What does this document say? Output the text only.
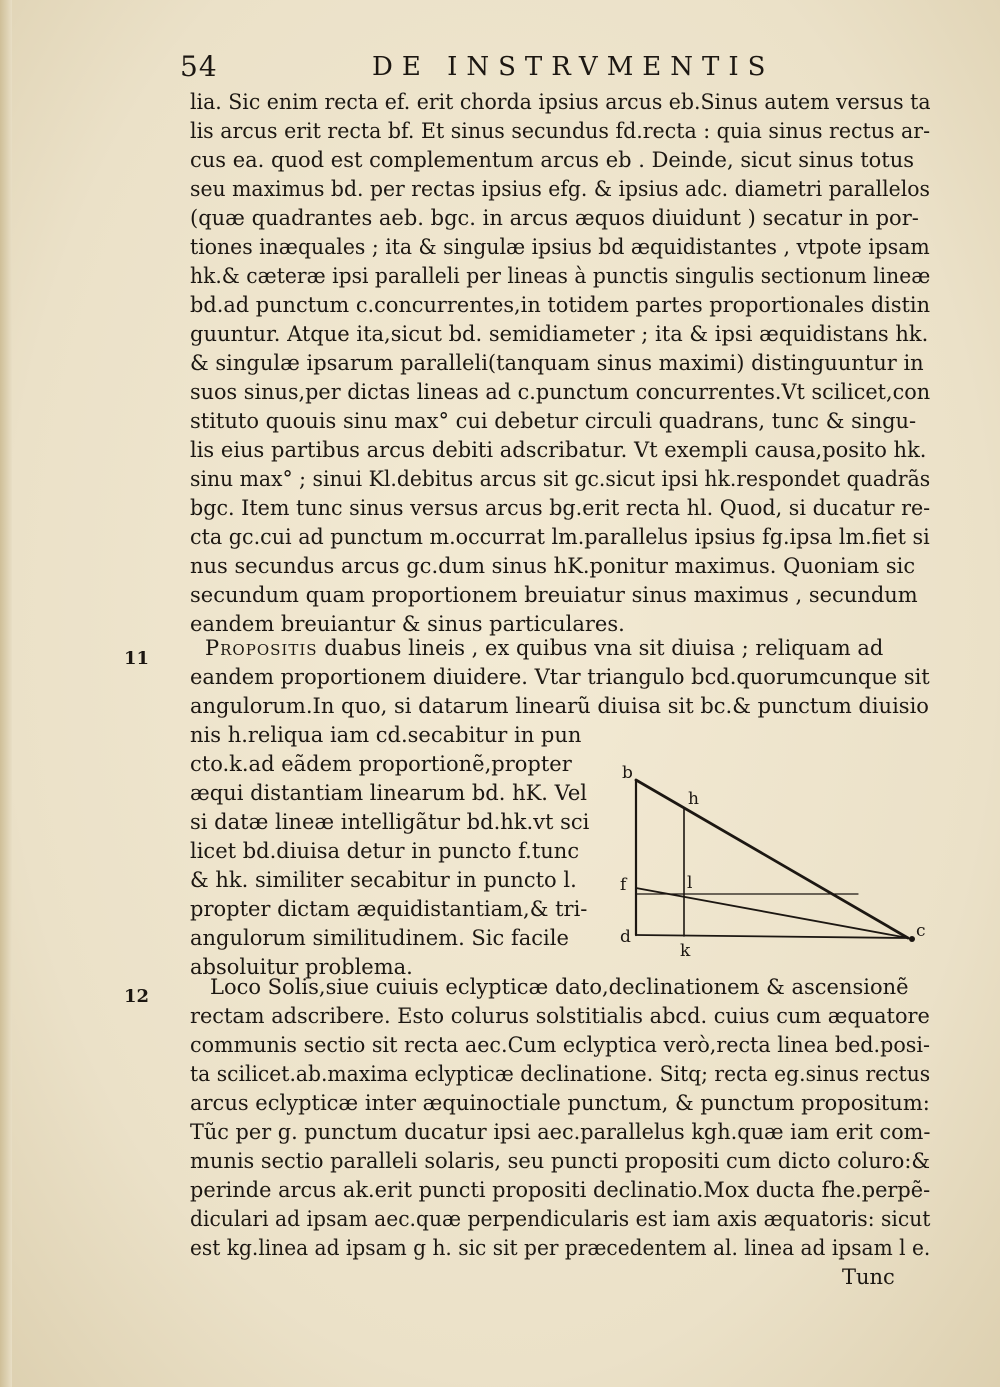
54	DE INSTRVMENTIS
lia. Sic enim recta ef. erit chorda ipsius arcus eb.Sinus autem versus ta
lis arcus erit recta bf. Et sinus secundus fd.recta : quia sinus rectus ar-
cus ea. quod est complementum arcus eb . Deinde, sicut sinus totus
seu maximus bd. per rectas ipsius efg. & ipsius adc. diametri parallelos
(quæ quadrantes aeb. bgc. in arcus æquos diuidunt ) secatur in por-
tiones inæquales ; ita & singulæ ipsius bd æquidistantes , vtpote ipsam
hk.& cæteræ ipsi paralleli per lineas à punctis singulis sectionum lineæ
bd.ad punctum c.concurrentes,in totidem partes proportionales distin
guuntur. Atque ita,sicut bd. semidiameter ; ita & ipsi æquidistans hk.
& singulæ ipsarum paralleli(tanquam sinus maximi) distinguuntur in
suos sinus,per dictas lineas ad c.punctum concurrentes.Vt scilicet,con
stituto quouis sinu max° cui debetur circuli quadrans, tunc & singu-
lis eius partibus arcus debiti adscribatur. Vt exempli causa,posito hk.
sinu max° ; sinui Kl.debitus arcus sit gc.sicut ipsi hk.respondet quadrãs
bgc. Item tunc sinus versus arcus bg.erit recta hl. Quod, si ducatur re-
cta gc.cui ad punctum m.occurrat lm.parallelus ipsius fg.ipsa lm.fiet si
nus secundus arcus gc.dum sinus hK.ponitur maximus. Quoniam sic
secundum quam proportionem breuiatur sinus maximus , secundum
eandem breuiantur & sinus particulares.
11	Propositis duabus lineis , ex quibus vna sit diuisa ; reliquam ad
eandem proportionem diuidere. Vtar triangulo bcd.quorumcunque sit
angulorum.In quo, si datarum linearũ diuisa sit bc.& punctum diuisio
nis h.reliqua iam cd.secabitur in pun
cto.k.ad eãdem proportionẽ,propter
æqui distantiam linearum bd. hK. Vel
si datæ lineæ intelligãtur bd.hk.vt sci
licet bd.diuisa detur in puncto f.tunc
& hk. similiter secabitur in puncto l.
propter dictam æquidistantiam,& tri-
angulorum similitudinem. Sic facile
absoluitur problema.
b
f
d
k
l
h
c
12	Loco Solis,siue cuiuis eclypticæ dato,declinationem & ascensionẽ
rectam adscribere. Esto colurus solstitialis abcd. cuius cum æquatore
communis sectio sit recta aec.Cum eclyptica verò,recta linea bed.posi-
ta scilicet.ab.maxima eclypticæ declinatione. Sitq; recta eg.sinus rectus
arcus eclypticæ inter æquinoctiale punctum, & punctum propositum:
Tũc per g. punctum ducatur ipsi aec.parallelus kgh.quæ iam erit com-
munis sectio paralleli solaris, seu puncti propositi cum dicto coluro:&
perinde arcus ak.erit puncti propositi declinatio.Mox ducta fhe.perpẽ-
diculari ad ipsam aec.quæ perpendicularis est iam axis æquatoris: sicut
est kg.linea ad ipsam g h. sic sit per præcedentem al. linea ad ipsam l e.
Tunc
